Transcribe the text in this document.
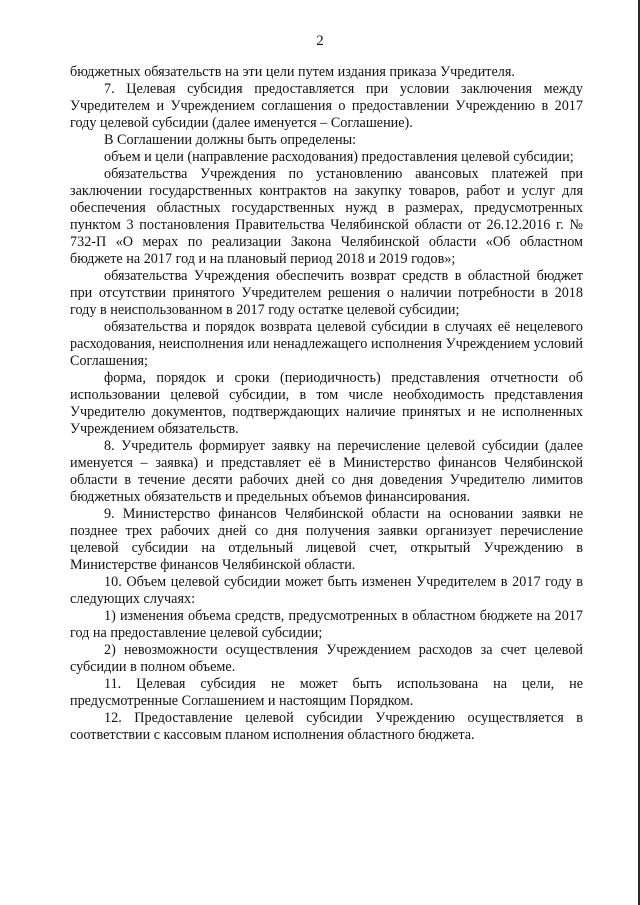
2

бюджетных обязательств на эти цели путем издания приказа Учредителя.

7. Целевая субсидия предоставляется при условии заключения между Учредителем и Учреждением соглашения о предоставлении Учреждению в 2017 году целевой субсидии (далее именуется – Соглашение).

В Соглашении должны быть определены:

объем и цели (направление расходования) предоставления целевой субсидии;

обязательства Учреждения по установлению авансовых платежей при заключении государственных контрактов на закупку товаров, работ и услуг для обеспечения областных государственных нужд в размерах, предусмотренных пунктом 3 постановления Правительства Челябинской области от 26.12.2016 г. № 732-П «О мерах по реализации Закона Челябинской области «Об областном бюджете на 2017 год и на плановый период 2018 и 2019 годов»;

обязательства Учреждения обеспечить возврат средств в областной бюджет при отсутствии принятого Учредителем решения о наличии потребности в 2018 году в неиспользованном в 2017 году остатке целевой субсидии;

обязательства и порядок возврата целевой субсидии в случаях её нецелевого расходования, неисполнения или ненадлежащего исполнения Учреждением условий Соглашения;

форма, порядок и сроки (периодичность) представления отчетности об использовании целевой субсидии, в том числе необходимость представления Учредителю документов, подтверждающих наличие принятых и не исполненных Учреждением обязательств.

8. Учредитель формирует заявку на перечисление целевой субсидии (далее именуется – заявка) и представляет её в Министерство финансов Челябинской области в течение десяти рабочих дней со дня доведения Учредителю лимитов бюджетных обязательств и предельных объемов финансирования.

9. Министерство финансов Челябинской области на основании заявки не позднее трех рабочих дней со дня получения заявки организует перечисление целевой субсидии на отдельный лицевой счет, открытый Учреждению в Министерстве финансов Челябинской области.

10. Объем целевой субсидии может быть изменен Учредителем в 2017 году в следующих случаях:

1) изменения объема средств, предусмотренных в областном бюджете на 2017 год на предоставление целевой субсидии;

2) невозможности осуществления Учреждением расходов за счет целевой субсидии в полном объеме.

11. Целевая субсидия не может быть использована на цели, не предусмотренные Соглашением и настоящим Порядком.

12. Предоставление целевой субсидии Учреждению осуществляется в соответствии с кассовым планом исполнения областного бюджета.
